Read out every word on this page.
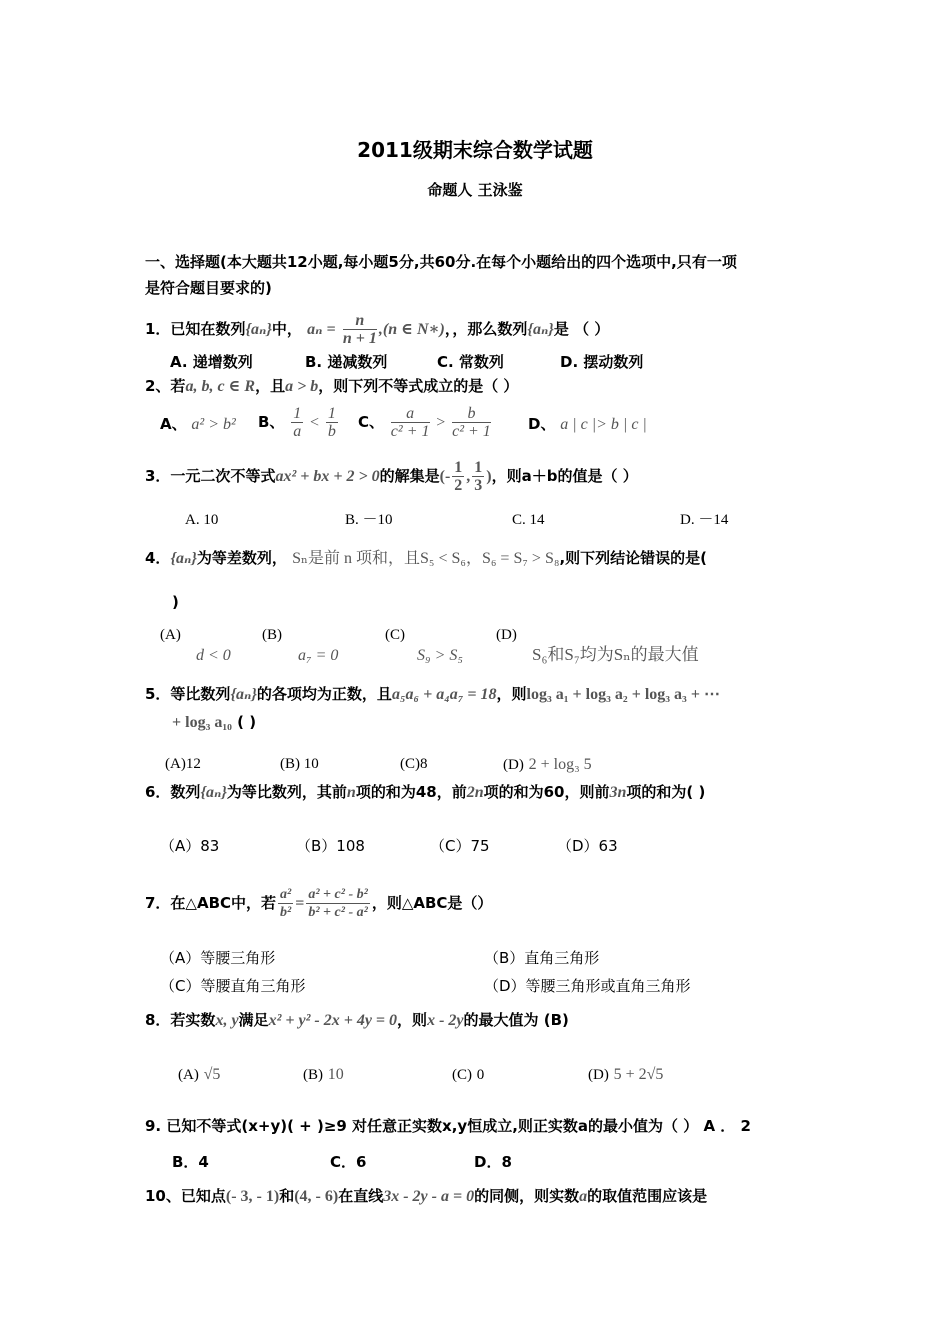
2011级期末综合数学试题
命题人 王泳鉴
一、选择题(本大题共12小题,每小题5分,共60分.在每个小题给出的四个选项中,只有一项
是符合题目要求的)
1．已知在数列{aₙ}中， $a_n = \frac{n}{n + 1} ,(n$ ∈ N∗)，，那么数列{aₙ}是 （ ）
A. 递增数列	B. 递减数列	C. 常数列	D. 摆动数列
2、若a, b, c ∈ R，且a > b，则下列不等式成立的是（ ）
A、 a² > b² B、 $\frac{1}{a} < \frac{1}{b}$ C、 $\frac{a}{\text{c² + 1}} > \frac{b}{\text{c² + 1}}$ D、 a | c |> b | c |
3．一元二次不等式ax² + bx + 2 > 0的解集是(- $\frac{1}{2}$ , $\frac{1}{3}$ )，则a＋b的值是（ ）
A. 10	B. －10	C. 14	D. －14
4．{aₙ}为等差数列， Sₙ是前 n 项和，且S₅ < S₆，S₆ = S₇ > S₈,则下列结论错误的是(
)
(A)
d < 0
(B)
a₇ = 0
(C)
S₉ > S₅
(D)
S₆和S₇均为Sₙ的最大值
5．等比数列{aₙ}的各项均为正数，且a₅a₆ + a₄a₇ = 18，则log₃ a₁ + log₃ a₂ + log₃ a₃ + ⋯
+ log₃ a₁₀ ( )
(A)12	(B) 10	(C)8	(D) 2 + log₃ 5
6．数列{aₙ}为等比数列，其前n项的和为48，前2n项的和为60，则前3n项的和为( )
（A）83	（B）108	（C）75	（D）63
7．在△ABC中，若 $\frac{\text{a²}}{\text{b²}} = \frac{\text{a² + c² - b²}}{\text{b² + c² - a²}}$ ，则△ABC是（）
（A）等腰三角形	（B）直角三角形
（C）等腰直角三角形	（D）等腰三角形或直角三角形
8．若实数x, y满足x² + y² - 2x + 4y = 0，则x - 2y的最大值为 (B)
(A) √5	(B) 10	(C) 0	(D) 5 + 2√5
9. 已知不等式(x+y)( + )≥9 对任意正实数x,y恒成立,则正实数a的最小值为（ ） A ． 2
B．4	C．6	D．8
10、已知点(- 3, - 1)和(4, - 6)在直线3x - 2y - a = 0的同侧，则实数a的取值范围应该是
